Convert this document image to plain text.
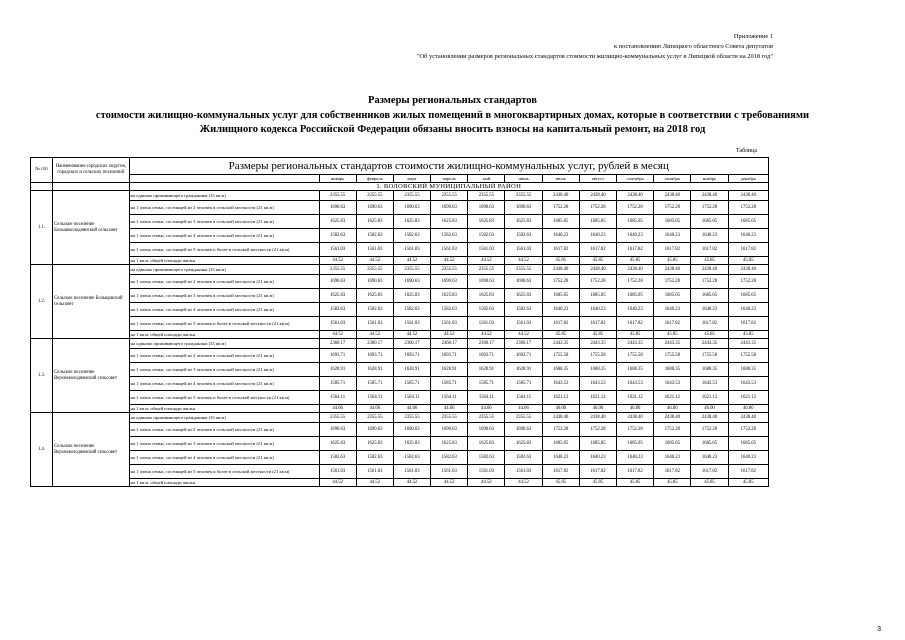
Приложение 1
к постановлению Липецкого областного Совета депутатов
"Об установлении размеров региональных стандартов стоимости жилищно-коммунальных услуг в Липецкой области на 2018 год"
Размеры региональных стандартов
стоимости жилищно-коммунальных услуг для собственников жилых помещений в многоквартирных домах, которые в соответствии с требованиями Жилищного кодекса Российской Федерации обязаны вносить взносы на капитальный ремонт, на 2018 год
Таблица
№ п/п	Наименование городских округов, городских и сельских поселений	Размеры региональных стандартов стоимости жилищно-коммунальных услуг, рублей в месяц												
			январь	февраль	март	апрель	май	июнь	июль	август	сентябрь	октябрь	ноябрь	декабрь
		1. ВОЛОВСКИЙ МУНИЦИПАЛЬНЫЙ РАЙОН												
1.1.	Сельское поселение Большеколоднянский сельсовет	на одиноко проживающего гражданина (33 кв.м)	2355.55	2355.55	2355.55	2355.55	2355.55	2355.55	2438.40	2438.40	2438.40	2438.40	2438.40	2438.40
		на 1 члена семьи, состоящей из 2 человек в сельской местности (21 кв.м)	1690.63	1690.63	1690.63	1690.63	1690.63	1690.63	1752.28	1752.28	1752.28	1752.28	1752.28	1752.28
		на 1 члена семьи, состоящей из 3 человек в сельской местности (21 кв.м)	1625.83	1625.83	1625.83	1625.83	1625.83	1625.83	1685.05	1685.05	1685.05	1685.05	1685.05	1685.05
		на 1 члена семьи, состоящей из 4 человек в сельской местности (21 кв.м)	1582.63	1582.63	1582.63	1582.63	1582.63	1582.63	1640.23	1640.23	1640.23	1640.23	1640.23	1640.23
		на 1 члена семьи, состоящей из 5 человек и более в сельской местности (21 кв.м)	1561.03	1561.03	1561.03	1561.03	1561.03	1561.03	1617.82	1617.82	1617.82	1617.82	1617.82	1617.82
		на 1 кв.м. общей площади жилья	44.52	44.52	44.52	44.52	44.52	44.52	45.85	45.85	45.85	45.85	45.85	45.85
1.2.	Сельское поселение Больщовский сельсовет	на одиноко проживающего гражданина (33 кв.м)	2355.55	2355.55	2355.55	2355.55	2355.55	2355.55	2438.40	2438.40	2438.40	2438.40	2438.40	2438.40
		на 1 члена семьи, состоящей из 2 человек в сельской местности (21 кв.м)	1690.63	1690.63	1690.63	1690.63	1690.63	1690.63	1752.28	1752.28	1752.28	1752.28	1752.28	1752.28
		на 1 члена семьи, состоящей из 3 человек в сельской местности (21 кв.м)	1625.83	1625.83	1625.83	1625.83	1625.83	1625.83	1685.05	1685.05	1685.05	1685.05	1685.05	1685.05
		на 1 члена семьи, состоящей из 4 человек в сельской местности (21 кв.м)	1582.63	1582.63	1582.63	1582.63	1582.63	1582.63	1640.23	1640.23	1640.23	1640.23	1640.23	1640.23
		на 1 члена семьи, состоящей из 5 человек и более в сельской местности (21 кв.м)	1561.03	1561.03	1561.03	1561.03	1561.03	1561.03	1617.82	1617.82	1617.82	1617.82	1617.82	1617.82
		на 1 кв.м. общей площади жилья	44.52	44.52	44.52	44.52	44.52	44.52	45.85	45.85	45.85	45.85	45.85	45.85
1.3.	Сельское поселение Верхнеколоднянский сельсовет	на одиноко проживающего гражданина (33 кв.м)	2360.17	2360.17	2360.17	2360.17	2360.17	2360.17	2443.35	2443.35	2443.35	2443.35	2443.35	2443.35
		на 1 члена семьи, состоящей из 2 человек в сельской местности (21 кв.м)	1693.71	1693.71	1693.71	1693.71	1693.71	1693.71	1755.58	1755.58	1755.58	1755.58	1755.58	1755.58
		на 1 члена семьи, состоящей из 3 человек в сельской местности (21 кв.м)	1628.91	1628.91	1628.91	1628.91	1628.91	1628.91	1688.35	1688.35	1688.35	1688.35	1688.35	1688.35
		на 1 члена семьи, состоящей из 4 человек в сельской местности (21 кв.м)	1585.71	1585.71	1585.71	1585.71	1585.71	1585.71	1643.53	1643.53	1643.53	1643.53	1643.53	1643.53
		на 1 члена семьи, состоящей из 5 человек и более в сельской местности (21 кв.м)	1564.11	1564.11	1564.11	1564.11	1564.11	1564.11	1621.12	1621.12	1621.12	1621.12	1621.12	1621.12
		на 1 кв.м. общей площади жилья	44.66	44.66	44.66	44.66	44.66	44.66	46.00	46.00	46.00	46.00	46.00	46.00
1.4.	Сельское поселение Верхнеколоднянский сельсовет	на одиноко проживающего гражданина (33 кв.м)	2355.55	2355.55	2355.55	2355.55	2355.55	2355.55	2438.40	2438.40	2438.40	2438.40	2438.40	2438.40
		на 1 члена семьи, состоящей из 2 человек в сельской местности (21 кв.м)	1690.63	1690.63	1690.63	1690.63	1690.63	1690.63	1752.28	1752.28	1752.28	1752.28	1752.28	1752.28
		на 1 члена семьи, состоящей из 3 человек в сельской местности (21 кв.м)	1625.83	1625.83	1625.83	1625.83	1625.83	1625.83	1685.05	1685.05	1685.05	1685.05	1685.05	1685.05
		на 1 члена семьи, состоящей из 4 человек в сельской местности (21 кв.м)	1582.63	1582.63	1582.63	1582.63	1582.63	1582.63	1640.23	1640.23	1640.23	1640.23	1640.23	1640.23
		на 1 члена семьи, состоящей из 5 человек и более в сельской местности (21 кв.м)	1561.03	1561.03	1561.03	1561.03	1561.03	1561.03	1617.82	1617.82	1617.82	1617.82	1617.82	1617.82
		на 1 кв.м. общей площади жилья	44.52	44.52	44.52	44.52	44.52	44.52	45.85	45.85	45.85	45.85	45.85	45.85
3
